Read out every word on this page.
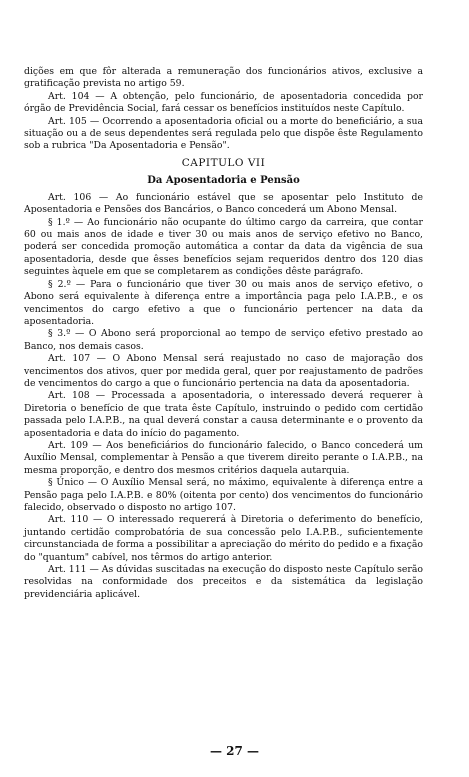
dições em que fôr alterada a remuneração dos funcionários ativos, exclusive a gratificação prevista no artigo 59.

Art. 104 — A obtenção, pelo funcionário, de aposentadoria concedida por órgão de Previdência Social, fará cessar os benefícios instituídos neste Capítulo.

Art. 105 — Ocorrendo a aposentadoria oficial ou a morte do beneficiário, a sua situação ou a de seus dependentes será regulada pelo que dispõe êste Regulamento sob a rubrica "Da Aposentadoria e Pensão".

CAPITULO VII
Da Aposentadoria e Pensão

Art. 106 — Ao funcionário estável que se aposentar pelo Instituto de Aposentadoria e Pensões dos Bancários, o Banco concederá um Abono Mensal.

§ 1.º — Ao funcionário não ocupante do último cargo da carreira, que contar 60 ou mais anos de idade e tiver 30 ou mais anos de serviço efetivo no Banco, poderá ser concedida promoção automática a contar da data da vigência de sua aposentadoria, desde que êsses benefícios sejam requeridos dentro dos 120 dias seguintes àquele em que se completarem as condições dêste parágrafo.

§ 2.º — Para o funcionário que tiver 30 ou mais anos de serviço efetivo, o Abono será equivalente à diferença entre a importância paga pelo I.A.P.B., e os vencimentos do cargo efetivo a que o funcionário pertencer na data da aposentadoria.

§ 3.º — O Abono será proporcional ao tempo de serviço efetivo prestado ao Banco, nos demais casos.

Art. 107 — O Abono Mensal será reajustado no caso de majoração dos vencimentos dos ativos, quer por medida geral, quer por reajustamento de padrões de vencimentos do cargo a que o funcionário pertencia na data da aposentadoria.

Art. 108 — Processada a aposentadoria, o interessado deverá requerer à Diretoria o benefício de que trata êste Capítulo, instruindo o pedido com certidão passada pelo I.A.P.B., na qual deverá constar a causa determinante e o provento da aposentadoria e data do início do pagamento.

Art. 109 — Aos beneficiários do funcionário falecido, o Banco concederá um Auxílio Mensal, complementar à Pensão a que tiverem direito perante o I.A.P.B., na mesma proporção, e dentro dos mesmos critérios daquela autarquia.

§ Único — O Auxílio Mensal será, no máximo, equivalente à diferença entre a Pensão paga pelo I.A.P.B. e 80% (oitenta por cento) dos vencimentos do funcionário falecido, observado o disposto no artigo 107.

Art. 110 — O interessado requererá à Diretoria o deferimento do benefício, juntando certidão comprobatória de sua concessão pelo I.A.P.B., suficientemente circunstanciada de forma a possibilitar a apreciação do mérito do pedido e a fixação do "quantum" cabível, nos têrmos do artigo anterior.

Art. 111 — As dúvidas suscitadas na execução do disposto neste Capítulo serão resolvidas na conformidade dos preceitos e da sistemática da legislação previdenciária aplicável.

— 27 —
